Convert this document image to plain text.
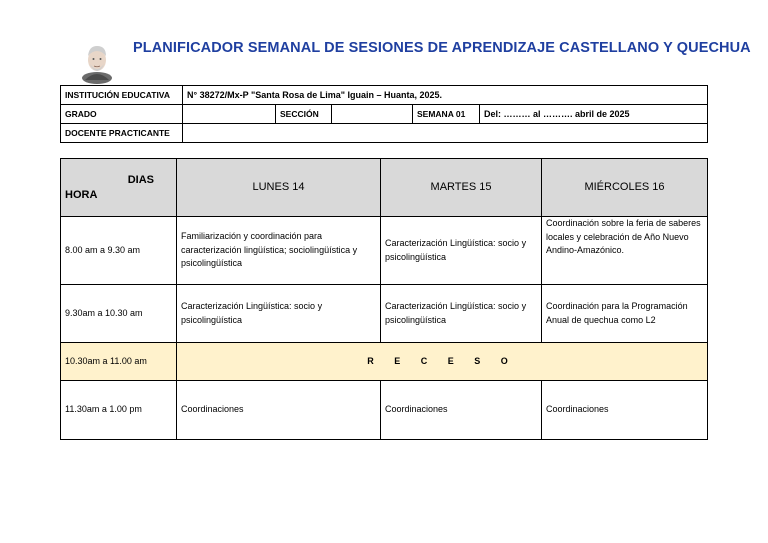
PLANIFICADOR SEMANAL DE SESIONES DE APRENDIZAJE CASTELLANO Y QUECHUA
INSTITUCIÓN EDUCATIVA	N° 38272/Mx-P "Santa Rosa de Lima" Iguain – Huanta, 2025.				
GRADO		SECCIÓN		SEMANA 01	Del: ……… al ………. abril de 2025
DOCENTE PRACTICANTE					
DIAS
HORA	LUNES 14	MARTES 15	MIÉRCOLES 16
8.00 am a 9.30 am	Familiarización y coordinación para caracterización lingüística; sociolingüística y psicolingüística	Caracterización Lingüística: socio y psicolingüística	Coordinación sobre la feria de saberes locales y celebración de Año Nuevo Andino-Amazónico.
9.30am a 10.30 am	Caracterización Lingüística: socio y psicolingüística	Caracterización Lingüística: socio y psicolingüística	Coordinación para la Programación Anual de quechua como L2
10.30am a 11.00 am	R E C E S O		
11.30am a 1.00 pm	Coordinaciones	Coordinaciones	Coordinaciones
